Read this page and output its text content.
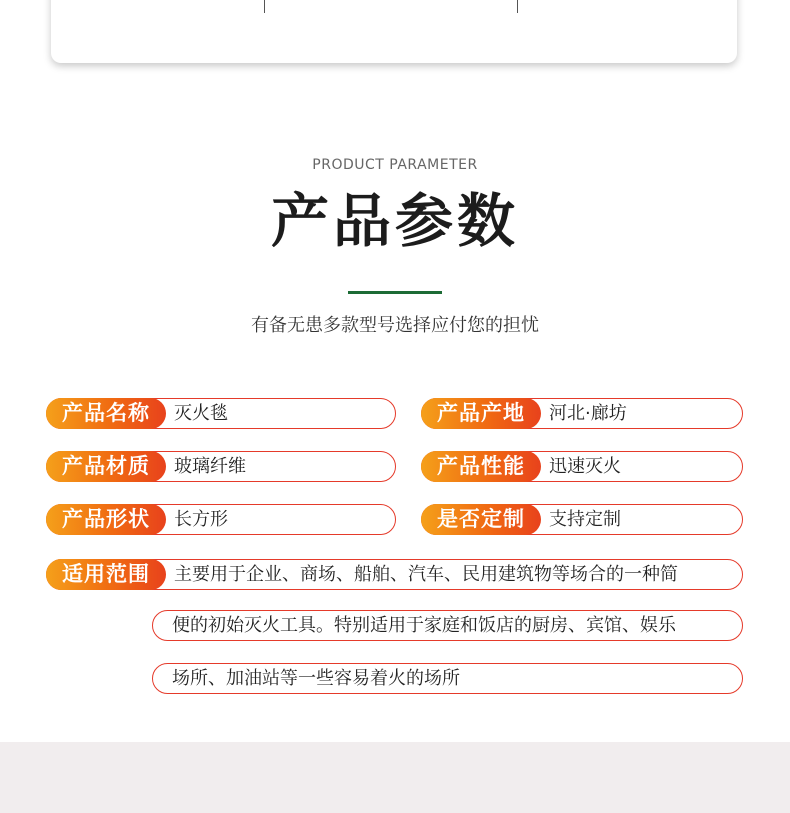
PRODUCT PARAMETER
产品参数
有备无患多款型号选择应付您的担忧
产品名称	灭火毯	产品产地	河北·廊坊
产品材质	玻璃纤维	产品性能	迅速灭火
产品形状	长方形	是否定制	支持定制
适用范围	主要用于企业、商场、船舶、汽车、民用建筑物等场合的一种简
便的初始灭火工具。特别适用于家庭和饭店的厨房、宾馆、娱乐
场所、加油站等一些容易着火的场所
